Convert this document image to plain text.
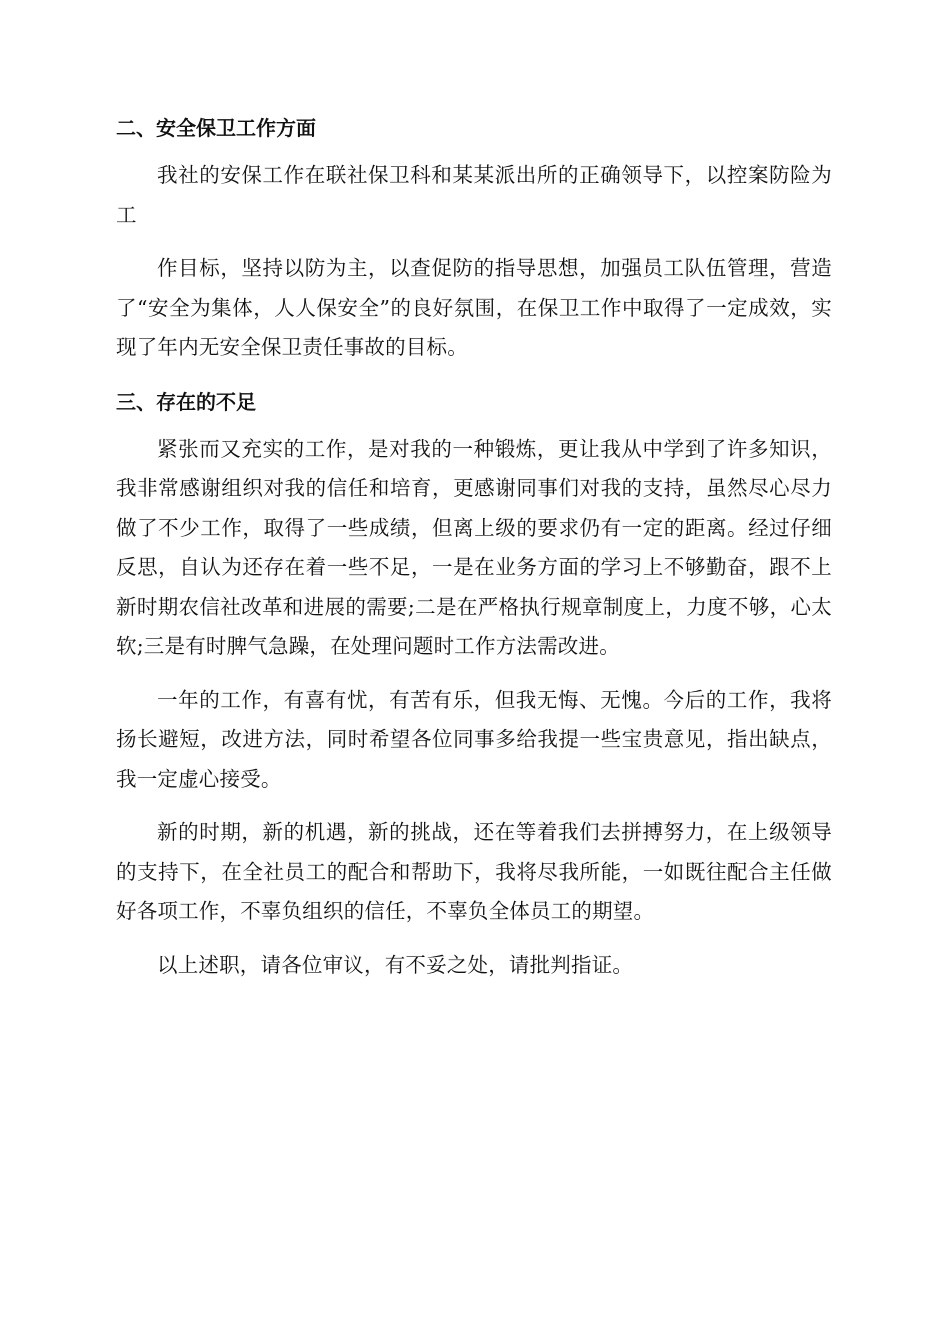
二、安全保卫工作方面

我社的安保工作在联社保卫科和某某派出所的正确领导下，以控案防险为工

作目标，坚持以防为主，以查促防的指导思想，加强员工队伍管理，营造了“安全为集体，人人保安全”的良好氛围，在保卫工作中取得了一定成效，实现了年内无安全保卫责任事故的目标。

三、存在的不足

紧张而又充实的工作，是对我的一种锻炼，更让我从中学到了许多知识，我非常感谢组织对我的信任和培育，更感谢同事们对我的支持，虽然尽心尽力做了不少工作，取得了一些成绩，但离上级的要求仍有一定的距离。经过仔细反思，自认为还存在着一些不足，一是在业务方面的学习上不够勤奋，跟不上新时期农信社改革和进展的需要;二是在严格执行规章制度上，力度不够，心太软;三是有时脾气急躁，在处理问题时工作方法需改进。

一年的工作，有喜有忧，有苦有乐，但我无悔、无愧。今后的工作，我将扬长避短，改进方法，同时希望各位同事多给我提一些宝贵意见，指出缺点，我一定虚心接受。

新的时期，新的机遇，新的挑战，还在等着我们去拼搏努力，在上级领导的支持下，在全社员工的配合和帮助下，我将尽我所能，一如既往配合主任做好各项工作，不辜负组织的信任，不辜负全体员工的期望。

以上述职，请各位审议，有不妥之处，请批判指证。
